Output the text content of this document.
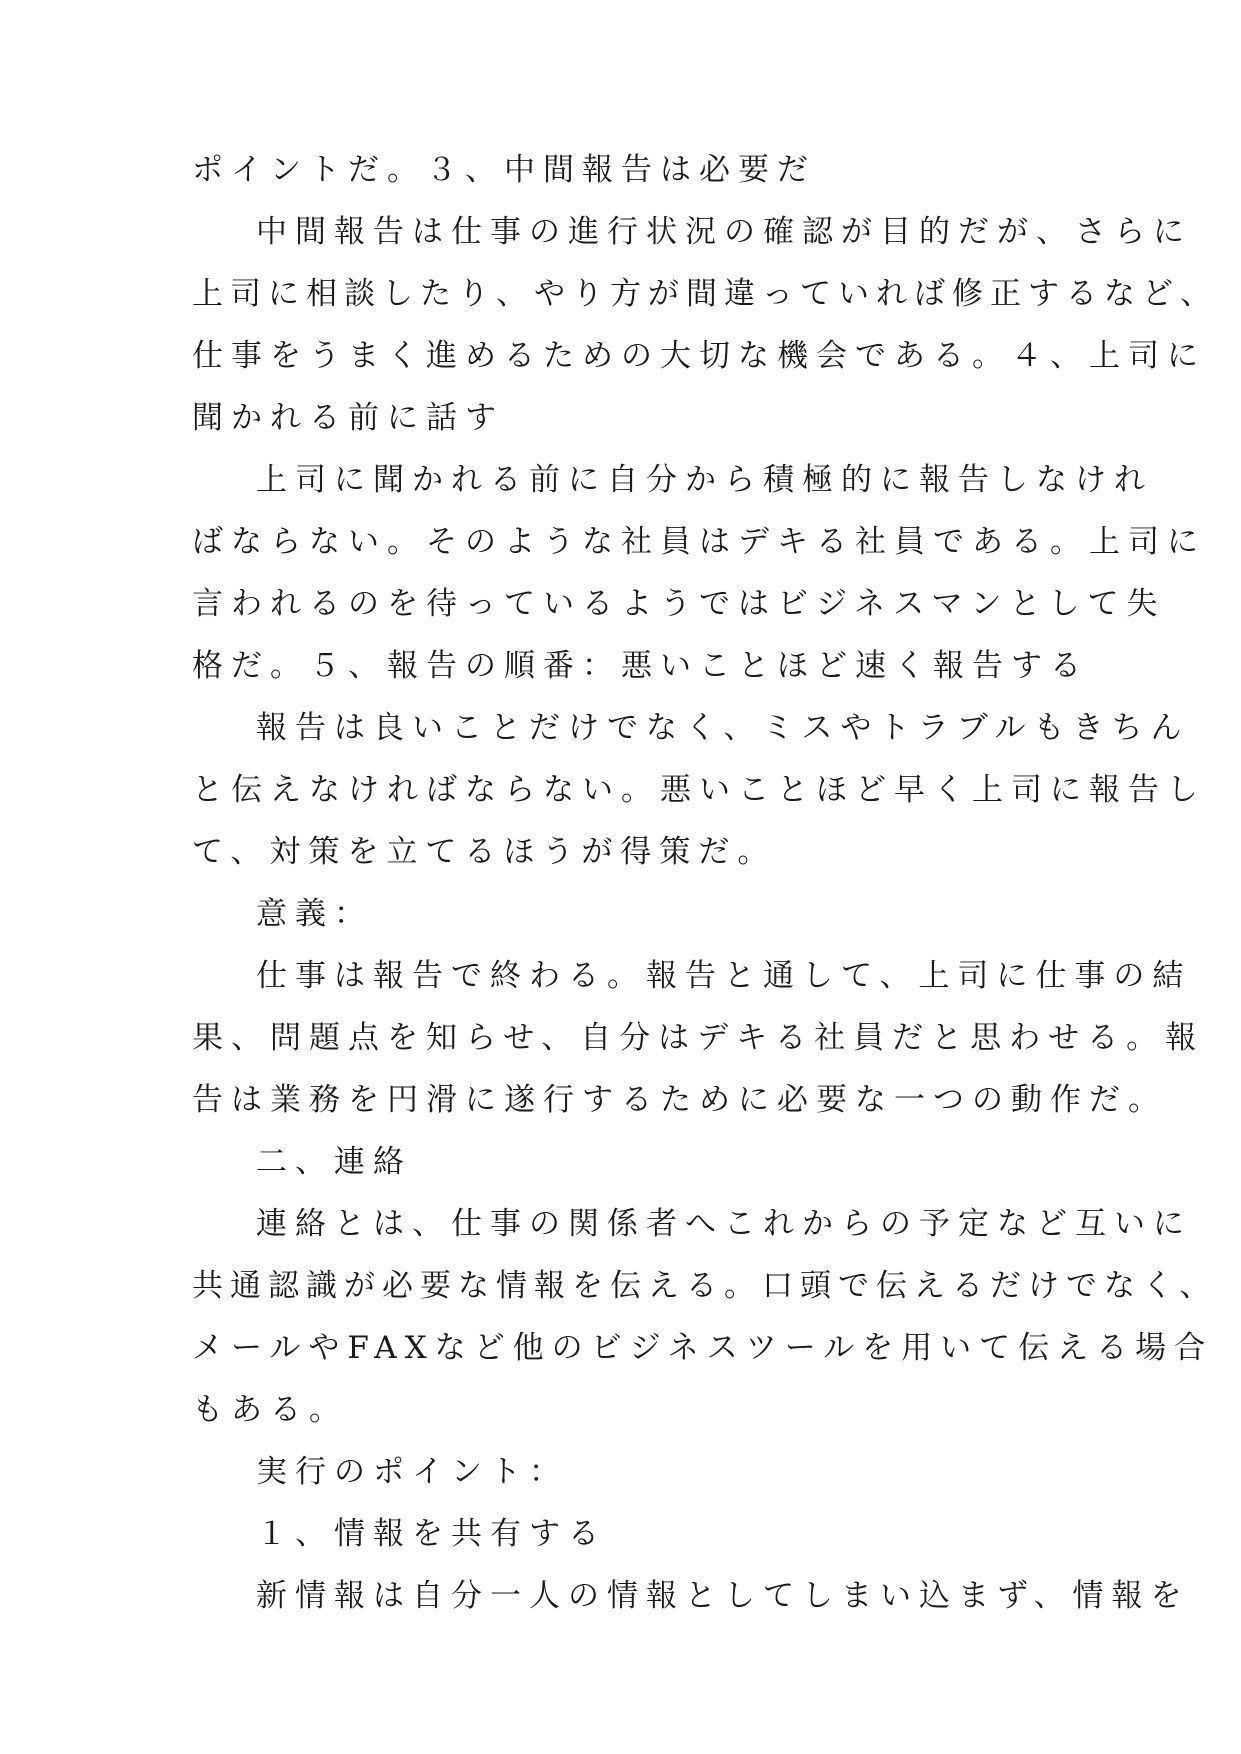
ポイントだ。３、中間報告は必要だ
中間報告は仕事の進行状況の確認が目的だが、さらに
上司に相談したり、やり方が間違っていれば修正するなど、
仕事をうまく進めるための大切な機会である。４、上司に
聞かれる前に話す
上司に聞かれる前に自分から積極的に報告しなけれ
ばならない。そのような社員はデキる社員である。上司に
言われるのを待っているようではビジネスマンとして失
格だ。５、報告の順番：悪いことほど速く報告する
報告は良いことだけでなく、ミスやトラブルもきちん
と伝えなければならない。悪いことほど早く上司に報告し
て、対策を立てるほうが得策だ。
意義：
仕事は報告で終わる。報告と通して、上司に仕事の結
果、問題点を知らせ、自分はデキる社員だと思わせる。報
告は業務を円滑に遂行するために必要な一つの動作だ。
二、連絡
連絡とは、仕事の関係者へこれからの予定など互いに
共通認識が必要な情報を伝える。口頭で伝えるだけでなく、
メールやFAXなど他のビジネスツールを用いて伝える場合
もある。
実行のポイント：
１、情報を共有する
新情報は自分一人の情報としてしまい込まず、情報を
